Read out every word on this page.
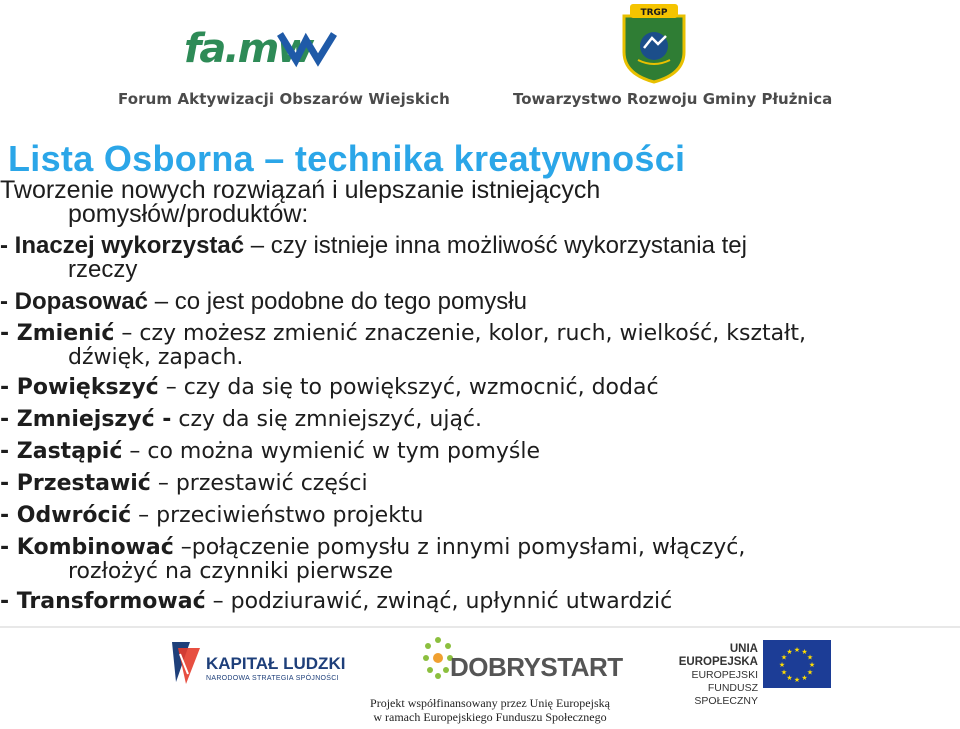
fa.mw
Forum Aktywizacji Obszarów Wiejskich
TRGP
Towarzystwo Rozwoju Gminy Płużnica
Lista Osborna – technika kreatywności
Tworzenie nowych rozwiązań i ulepszanie istniejących
pomysłów/produktów:
- Inaczej wykorzystać – czy istnieje inna możliwość wykorzystania tej
rzeczy
- Dopasować – co jest podobne do tego pomysłu
- Zmienić – czy możesz zmienić znaczenie, kolor, ruch, wielkość, kształt,
dźwięk, zapach.
- Powiększyć – czy da się to powiększyć, wzmocnić, dodać
- Zmniejszyć - czy da się zmniejszyć, ująć.
- Zastąpić – co można wymienić w tym pomyśle
- Przestawić – przestawić części
- Odwrócić – przeciwieństwo projektu
- Kombinować –połączenie pomysłu z innymi pomysłami, włączyć,
rozłożyć na czynniki pierwsze
- Transformować – podziurawić, zwinąć, upłynnić utwardzić
KAPITAŁ LUDZKI
NARODOWA STRATEGIA SPÓJNOŚCI	DOBRYSTART
UNIA EUROPEJSKA
EUROPEJSKI
FUNDUSZ SPOŁECZNY
★ ★
★
★
★
★
★
★
★
★
★
★
Projekt współfinansowany przez Unię Europejską
w ramach Europejskiego Funduszu Społecznego
